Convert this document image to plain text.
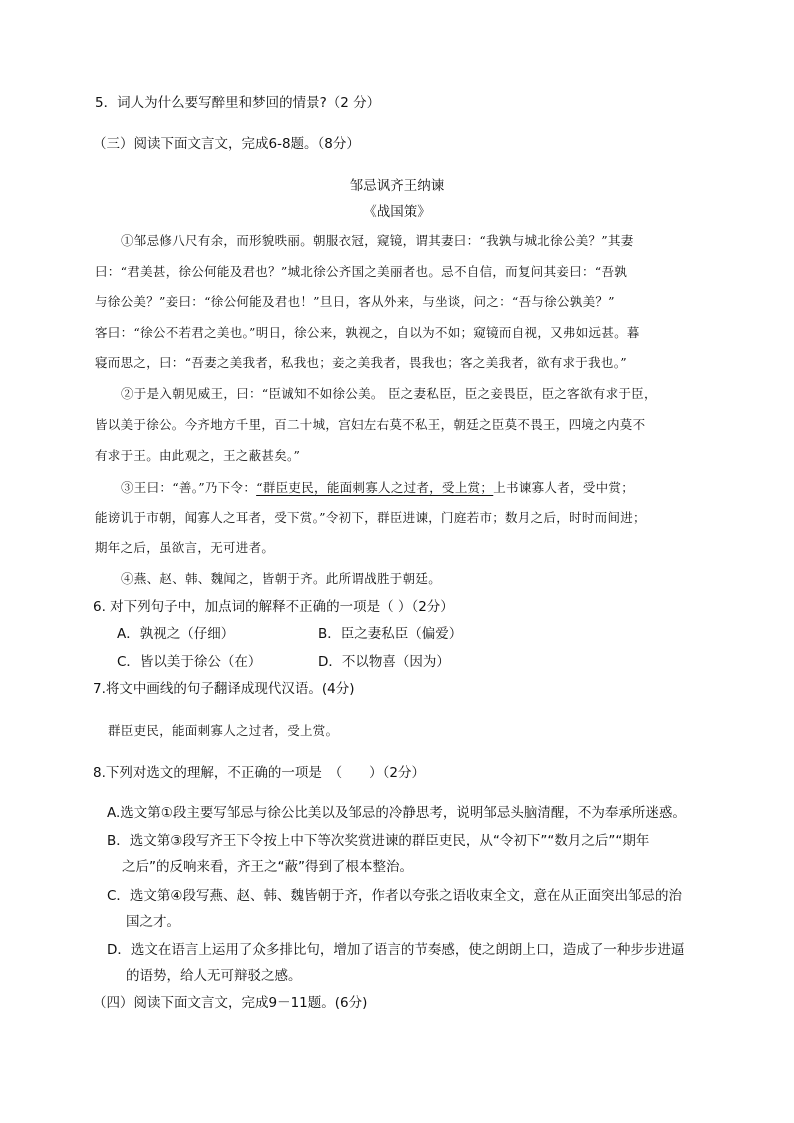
5．词人为什么要写醉里和梦回的情景?（2 分）
（三）阅读下面文言文，完成6-8题。（8分）
邹忌讽齐王纳谏
《战国策》
①邹忌修八尺有余，而形貌昳丽。朝服衣冠，窥镜，谓其妻曰：“我孰与城北徐公美？”其妻
曰：“君美甚，徐公何能及君也？”城北徐公齐国之美丽者也。忌不自信，而复问其妾曰：“吾孰
与徐公美？”妾曰：“徐公何能及君也！”旦日，客从外来，与坐谈，问之：“吾与徐公孰美？”
客曰：“徐公不若君之美也。”明日，徐公来，孰视之，自以为不如；窥镜而自视，又弗如远甚。暮
寝而思之，曰：“吾妻之美我者，私我也；妾之美我者，畏我也；客之美我者，欲有求于我也。”
②于是入朝见威王，曰：“臣诚知不如徐公美。 臣之妻私臣，臣之妾畏臣，臣之客欲有求于臣，
皆以美于徐公。今齐地方千里，百二十城，宫妇左右莫不私王，朝廷之臣莫不畏王，四境之内莫不
有求于王。由此观之，王之蔽甚矣。”
③王曰：“善。”乃下令：“群臣吏民，能面刺寡人之过者，受上赏；上书谏寡人者，受中赏；
能谤讥于市朝，闻寡人之耳者，受下赏。”令初下，群臣进谏，门庭若市；数月之后，时时而间进；
期年之后，虽欲言，无可进者。
④燕、赵、韩、魏闻之，皆朝于齐。此所谓战胜于朝廷。
6. 对下列句子中，加点词的解释不正确的一项是（ ）（2分）
A．孰视之（仔细）	B．臣之妻私臣（偏爱）
C．皆以美于徐公（在）	D．不以物喜（因为）
7.将文中画线的句子翻译成现代汉语。(4分)
群臣吏民，能面刺寡人之过者，受上赏。
8.下列对选文的理解，不正确的一项是　（　　）（2分）
A.选文第①段主要写邹忌与徐公比美以及邹忌的冷静思考，说明邹忌头脑清醒，不为奉承所迷惑。
B．选文第③段写齐王下令按上中下等次奖赏进谏的群臣吏民，从“令初下”“数月之后”“期年
之后”的反响来看，齐王之“蔽”得到了根本整治。
C．选文第④段写燕、赵、韩、魏皆朝于齐，作者以夸张之语收束全文，意在从正面突出邹忌的治
国之才。
D．选文在语言上运用了众多排比句，增加了语言的节奏感，使之朗朗上口，造成了一种步步进逼
的语势，给人无可辩驳之感。
（四）阅读下面文言文，完成9－11题。(6分)
